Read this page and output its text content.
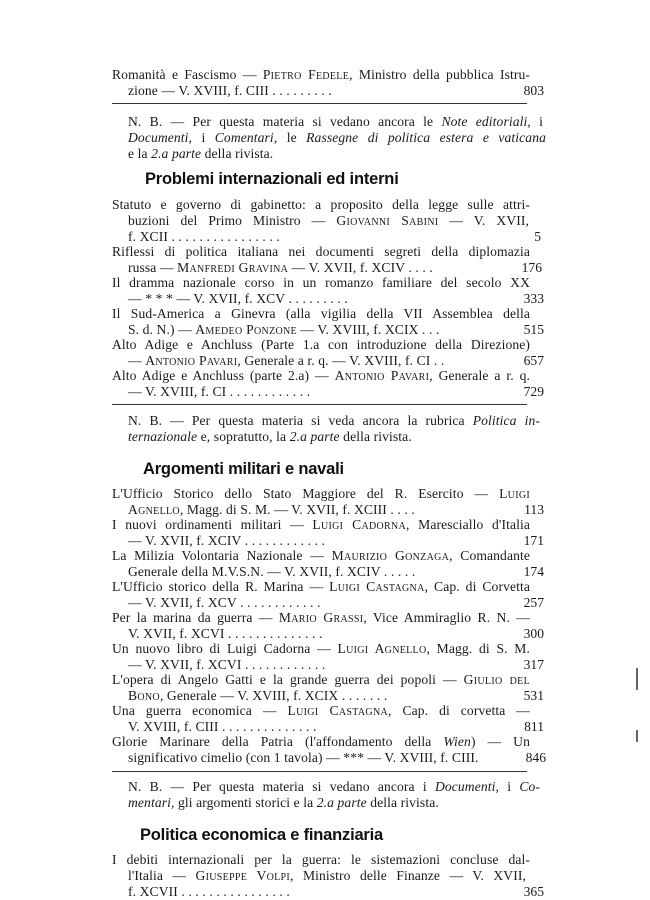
Romanità e Fascismo — Pietro Fedele, Ministro della pubblica Istru-
zione — V. XVIII, f. CIII . . . . . . . . .	803
N. B. — Per questa materia si vedano ancora le Note editoriali, i
Documenti, i Comentari, le Rassegne di politica estera e vaticana
e la 2.a parte della rivista.
Problemi internazionali ed interni
Statuto e governo di gabinetto: a proposito della legge sulle attri-
buzioni del Primo Ministro — Giovanni Sabini — V. XVII,
f. XCII . . . . . . . . . . . . . . . .	5
Riflessi di politica italiana nei documenti segreti della diplomazia
russa — Manfredi Gravina — V. XVII, f. XCIV . . . .	176
Il dramma nazionale corso in un romanzo familiare del secolo XX
— * * * — V. XVII, f. XCV . . . . . . . . .	333
Il Sud-America a Ginevra (alla vigilia della VII Assemblea della
S. d. N.) — Amedeo Ponzone — V. XVIII, f. XCIX . . .	515
Alto Adige e Anchluss (Parte 1.a con introduzione della Direzione)
— Antonio Pavari, Generale a r. q. — V. XVIII, f. CI . .	657
Alto Adige e Anchluss (parte 2.a) — Antonio Pavari, Generale a r. q.
— V. XVIII, f. CI . . . . . . . . . . . .	729
N. B. — Per questa materia si veda ancora la rubrica Politica in-
ternazionale e, sopratutto, la 2.a parte della rivista.
Argomenti militari e navali
L'Ufficio Storico dello Stato Maggiore del R. Esercito — Luigi
Agnello, Magg. di S. M. — V. XVII, f. XCIII . . . .	113
I nuovi ordinamenti militari — Luigi Cadorna, Maresciallo d'Italia
— V. XVII, f. XCIV . . . . . . . . . . . .	171
La Milizia Volontaria Nazionale — Maurizio Gonzaga, Comandante
Generale della M.V.S.N. — V. XVII, f. XCIV . . . . .	174
L'Ufficio storico della R. Marina — Luigi Castagna, Cap. di Corvetta
— V. XVII, f. XCV . . . . . . . . . . . .	257
Per la marina da guerra — Mario Grassi, Vice Ammiraglio R. N. —
V. XVII, f. XCVI . . . . . . . . . . . . . .	300
Un nuovo libro di Luigi Cadorna — Luigi Agnello, Magg. di S. M.
— V. XVII, f. XCVI . . . . . . . . . . . .	317
L'opera di Angelo Gatti e la grande guerra dei popoli — Giulio del
Bono, Generale — V. XVIII, f. XCIX . . . . . . .	531
Una guerra economica — Luigi Castagna, Cap. di corvetta —
V. XVIII, f. CIII . . . . . . . . . . . . . .	811
Glorie Marinare della Patria (l'affondamento della Wien) — Un
significativo cimelio (con 1 tavola) — *** — V. XVIII, f. CIII.	846
N. B. — Per questa materia si vedano ancora i Documenti, i Co-
mentari, gli argomenti storici e la 2.a parte della rivista.
Politica economica e finanziaria
I debiti internazionali per la guerra: le sistemazioni concluse dal-
l'Italia — Giuseppe Volpi, Ministro delle Finanze — V. XVII,
f. XCVII . . . . . . . . . . . . . . . .	365
